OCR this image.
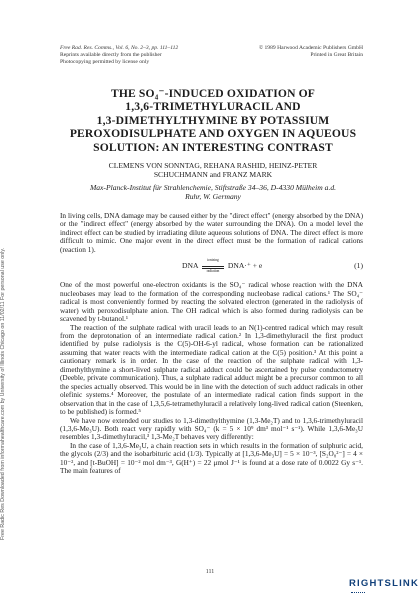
Free Rad. Res. Comms., Vol. 6, No. 2–3, pp. 111–112
Reprints available directly from the publisher
Photocopying permitted by license only
© 1989 Harwood Academic Publishers GmbH
Printed in Great Britain
Free Radic Res Downloaded from informahealthcare.com by University of Illinois Chicago on 11/02/11 For personal use only.
THE SO₄⁻-INDUCED OXIDATION OF
1,3,6-TRIMETHYLURACIL AND
1,3-DIMETHYLTHYMINE BY POTASSIUM
PEROXODISULPHATE AND OXYGEN IN AQUEOUS
SOLUTION: AN INTERESTING CONTRAST
CLEMENS VON SONNTAG, REHANA RASHID, HEINZ-PETER
SCHUCHMANN and FRANZ MARK
Max-Planck-Institut für Strahlenchemie, Stiftstraße 34–36, D-4330 Mülheim a.d.
Ruhr, W. Germany

In living cells, DNA damage may be caused either by the "direct effect" (energy absorbed by the DNA) or the "indirect effect" (energy absorbed by the water surrounding the DNA). On a model level the indirect effect can be studied by irradiating dilute aqueous solutions of DNA. The direct effect is more difficult to mimic. One major event in the direct effect must be the formation of radical cations (reaction 1).

DNA
ionizing
radiation
DNA·⁺ + e	(1)

One of the most powerful one-electron oxidants is the SO₄⁻ radical whose reaction with the DNA nucleobases may lead to the formation of the corresponding nucleobase radical cations.¹ The SO₄⁻ radical is most conveniently formed by reacting the solvated electron (generated in the radiolysis of water) with peroxodisulphate anion. The OH radical which is also formed during radiolysis can be scavened by t-butanol.¹

The reaction of the sulphate radical with uracil leads to an N(1)-centred radical which may result from the deprotonation of an intermediate radical cation.² In 1,3-dimethyluracil the first product identified by pulse radiolysis is the C(5)-OH-6-yl radical, whose formation can be rationalized assuming that water reacts with the intermediate radical cation at the C(5) position.³ At this point a cautionary remark is in order. In the case of the reaction of the sulphate radical with 1,3-dimethylthymine a short-lived sulphate radical adduct could be ascertained by pulse conductometry (Deeble, private communication). Thus, a sulphate radical adduct might be a precursor common to all the species actually observed. This would be in line with the detection of such adduct radicals in other olefinic systems.⁴ Moreover, the postulate of an intermediate radical cation finds support in the observation that in the case of 1,3,5,6-tetramethyluracil a relatively long-lived radical cation (Steenken, to be published) is formed.⁵

We have now extended our studies to 1,3-dimethylthymine (1,3-Me₂T) and to 1,3,6-trimethyluracil (1,3,6-Me₃U). Both react very rapidly with SO₄⁻ (k = 5 × 10⁹ dm³ mol⁻¹ s⁻¹). While 1,3,6-Me₃U resembles 1,3-dimethyluracil,³ 1,3-Me₂T behaves very differently:

In the case of 1,3,6-Me₃U, a chain reaction sets in which results in the formation of sulphuric acid, the glycols (2/3) and the isobarbituric acid (1/3). Typically at [1,3,6-Me₃U] = 5 × 10⁻³, [S₂O₈²⁻] = 4 × 10⁻², and [t-BuOH] = 10⁻² mol dm⁻³, G(H⁺) = 22 μmol J⁻¹ is found at a dose rate of 0.0022 Gy s⁻¹. The main features of

111
RIGHTSLINK
